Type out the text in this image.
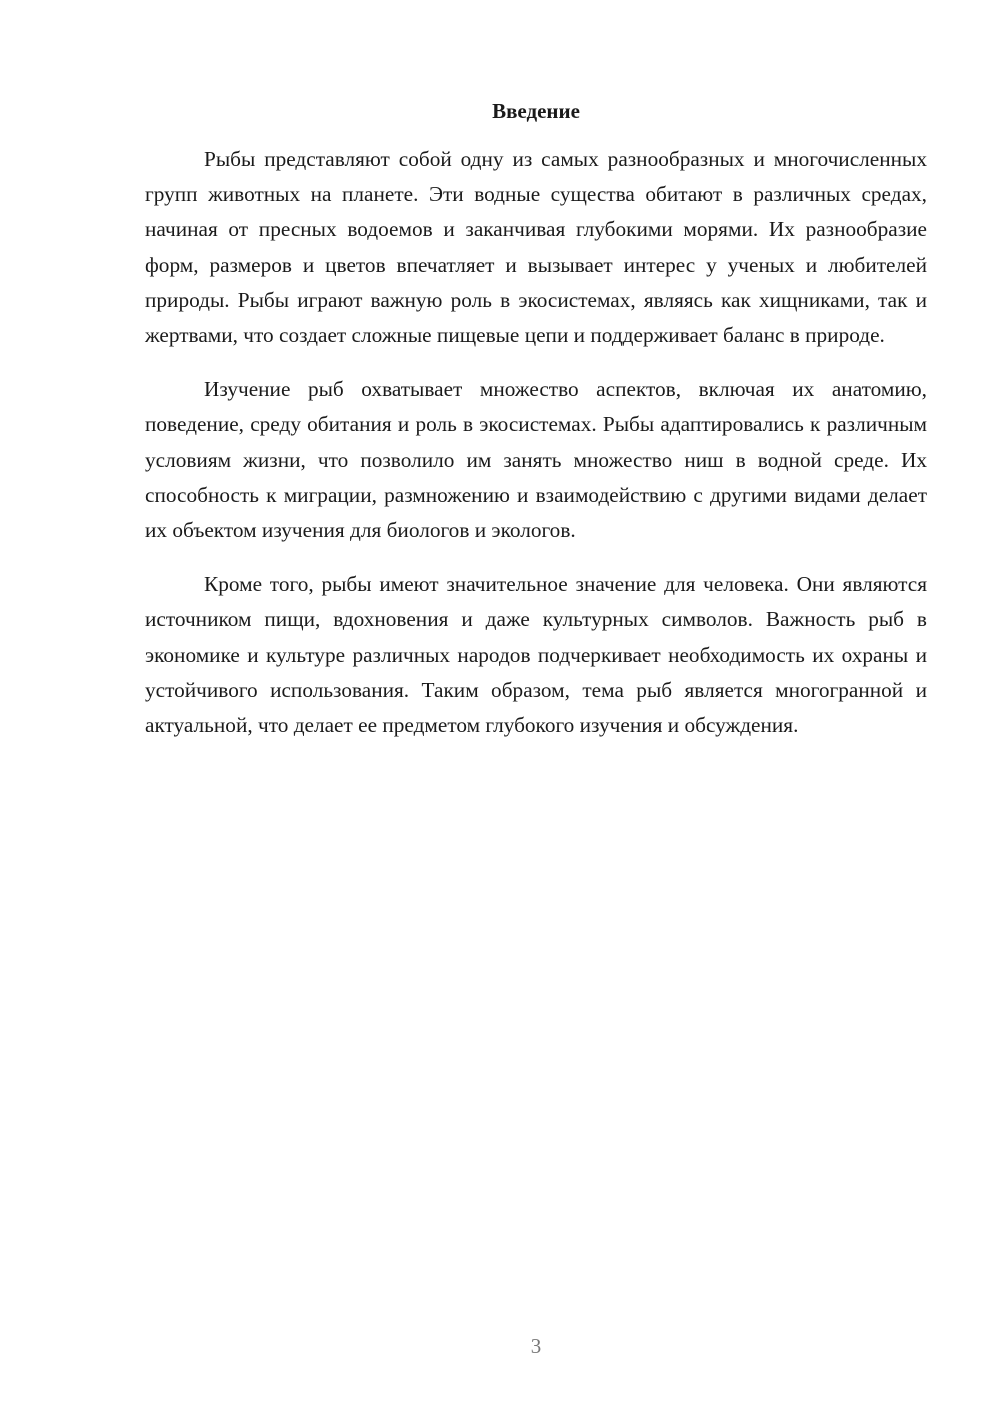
Введение

Рыбы представляют собой одну из самых разнообразных и многочисленных групп животных на планете. Эти водные существа обитают в различных средах, начиная от пресных водоемов и заканчивая глубокими морями. Их разнообразие форм, размеров и цветов впечатляет и вызывает интерес у ученых и любителей природы. Рыбы играют важную роль в экосистемах, являясь как хищниками, так и жертвами, что создает сложные пищевые цепи и поддерживает баланс в природе.

Изучение рыб охватывает множество аспектов, включая их анатомию, поведение, среду обитания и роль в экосистемах. Рыбы адаптировались к различным условиям жизни, что позволило им занять множество ниш в водной среде. Их способность к миграции, размножению и взаимодействию с другими видами делает их объектом изучения для биологов и экологов.

Кроме того, рыбы имеют значительное значение для человека. Они являются источником пищи, вдохновения и даже культурных символов. Важность рыб в экономике и культуре различных народов подчеркивает необходимость их охраны и устойчивого использования. Таким образом, тема рыб является многогранной и актуальной, что делает ее предметом глубокого изучения и обсуждения.

3
